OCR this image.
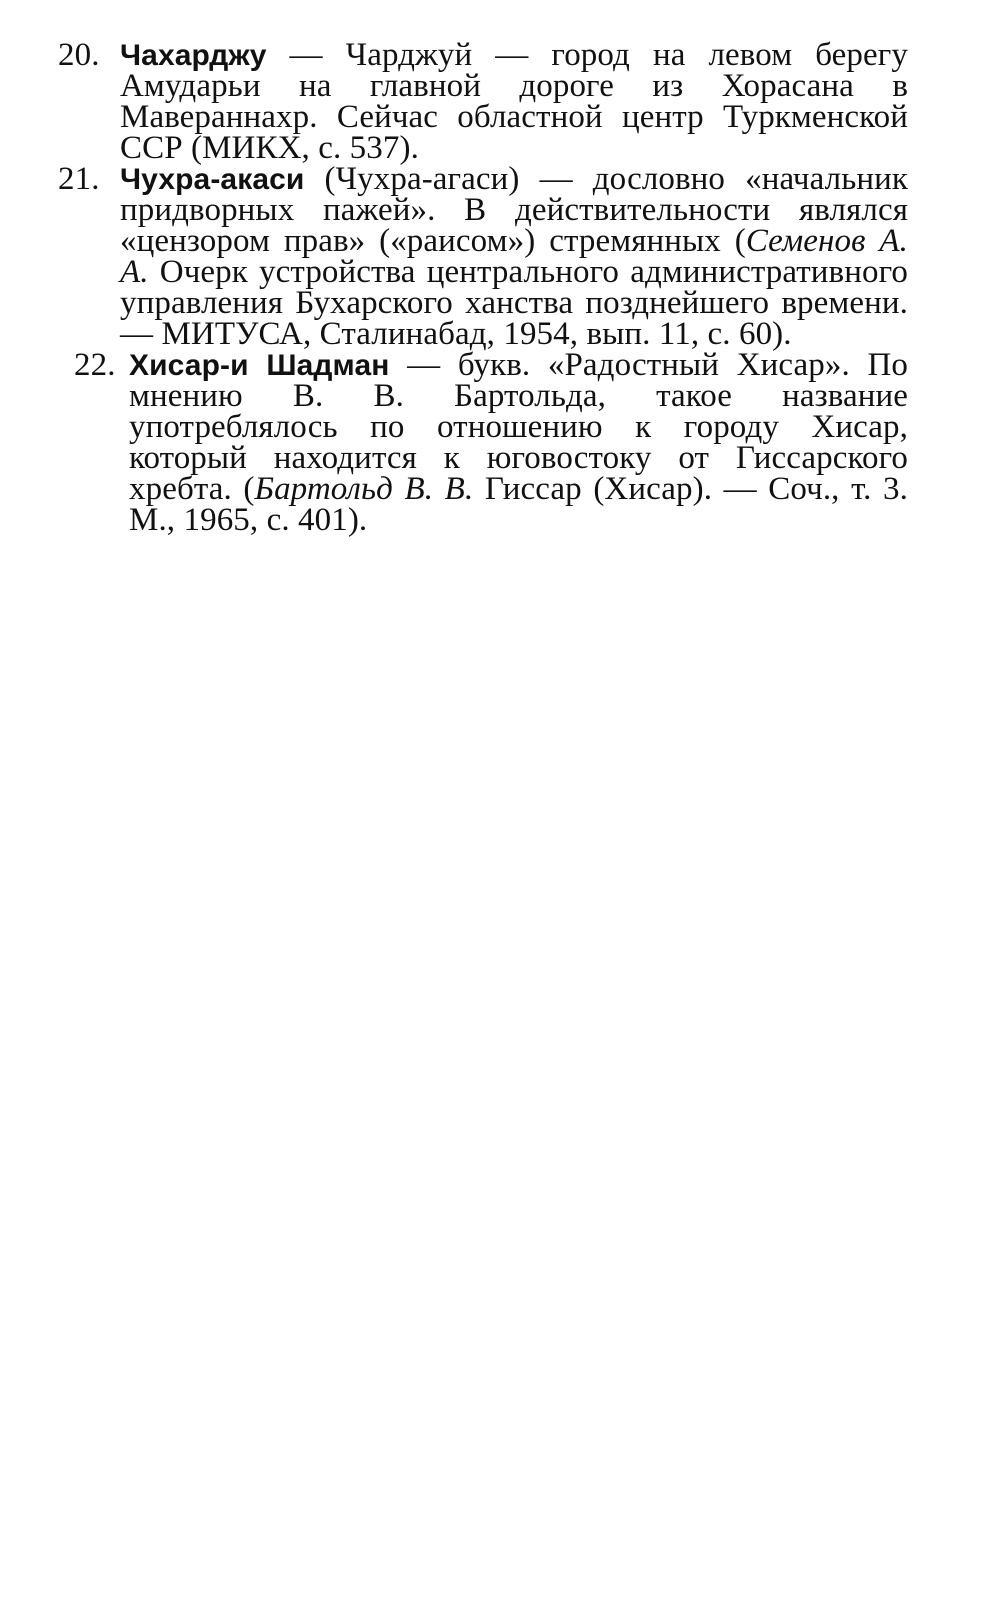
20. Чахарджу — Чарджуй — город на левом берегу Амударьи на главной дороге из Хорасана в Мавераннахр. Сейчас областной центр Туркменской ССР (МИКХ, с. 537).

21. Чухра-акаси (Чухра-агаси) — дословно «начальник придворных пажей». В действительности являлся «цензором прав» («раисом») стремянных (Семенов А. А. Очерк устройства центрального административного управления Бухарского ханства позднейшего времени. — МИТУСА, Сталинабад, 1954, вып. 11, с. 60).

22. Хисар-и Шадман — букв. «Радостный Хисар». По мнению В. В. Бартольда, такое название употреблялось по отношению к городу Хисар, который находится к юговостоку от Гиссарского хребта. (Бартольд В. В. Гиссар (Хисар). — Соч., т. 3. М., 1965, с. 401).
